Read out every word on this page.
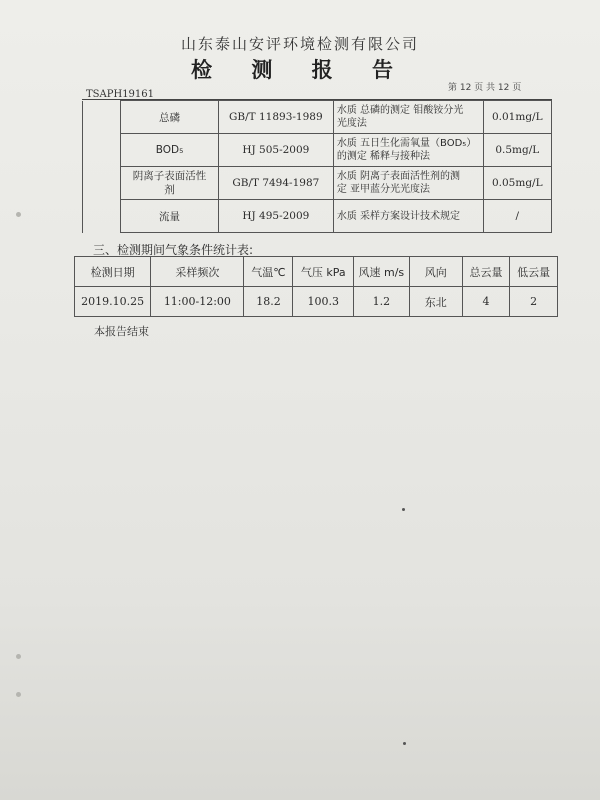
山东泰山安评环境检测有限公司
检 测 报 告
第 12 页 共 12 页
TSAPH19161
	总磷	GB/T 11893-1989	水质 总磷的测定 钼酸铵分光
光度法	0.01mg/L
	BOD₅	HJ 505-2009	水质 五日生化需氧量（BOD₅）
的测定 稀释与接种法	0.5mg/L
	阴离子表面活性
剂	GB/T 7494-1987	水质 阴离子表面活性剂的测
定 亚甲蓝分光光度法	0.05mg/L
	流量	HJ 495-2009	水质 采样方案设计技术规定	/
三、检测期间气象条件统计表:
检测日期	采样频次	气温℃	气压 kPa	风速 m/s	风向	总云量	低云量
2019.10.25	11:00-12:00	18.2	100.3	1.2	东北	4	2
本报告结束
